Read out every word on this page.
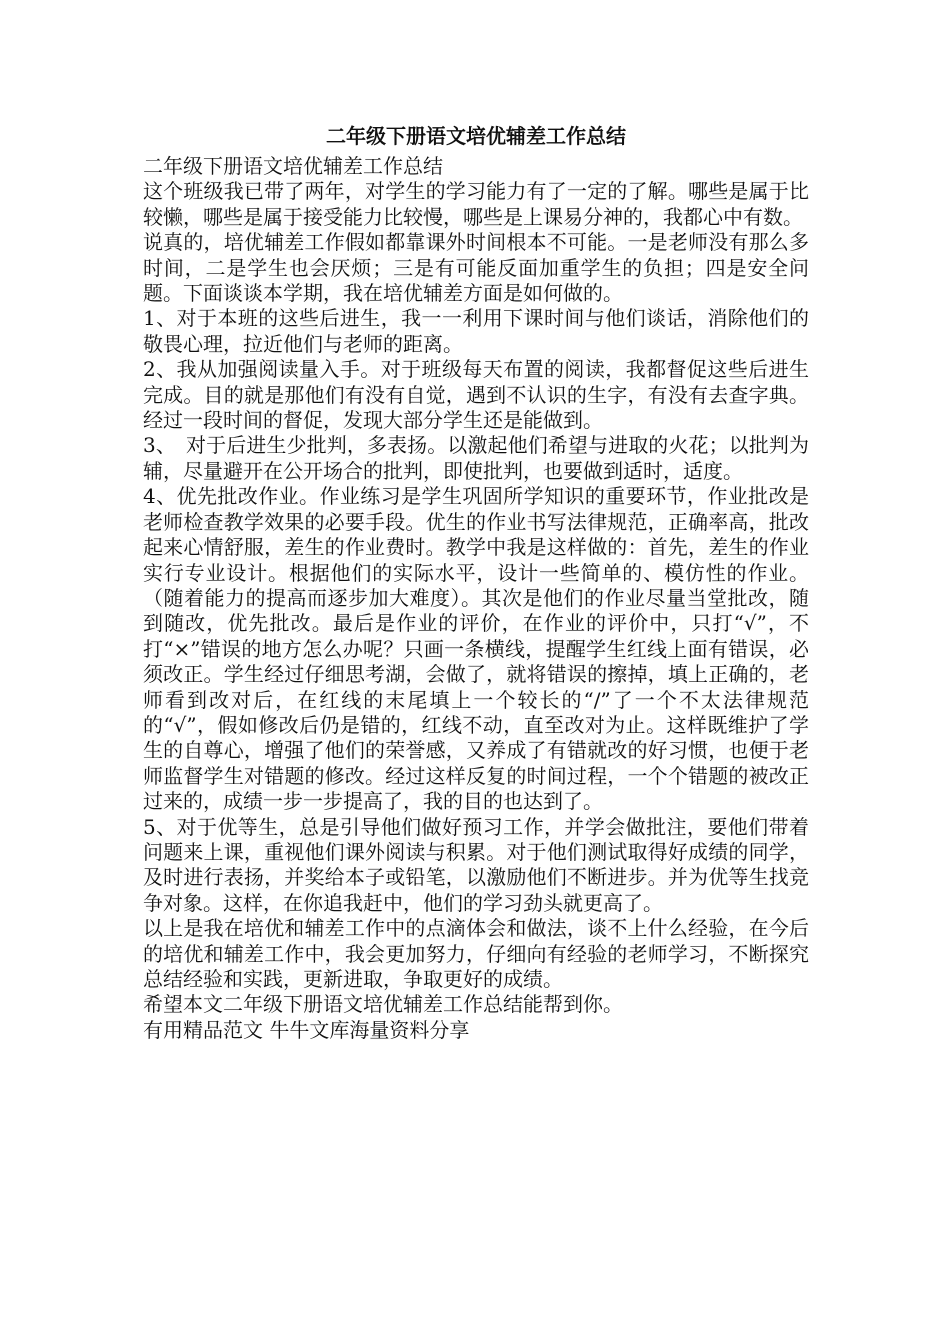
二年级下册语文培优辅差工作总结

二年级下册语文培优辅差工作总结

这个班级我已带了两年，对学生的学习能力有了一定的了解。哪些是属于比较懒，哪些是属于接受能力比较慢，哪些是上课易分神的，我都心中有数。

说真的，培优辅差工作假如都靠课外时间根本不可能。一是老师没有那么多时间，二是学生也会厌烦；三是有可能反面加重学生的负担；四是安全问题。下面谈谈本学期，我在培优辅差方面是如何做的。

1、对于本班的这些后进生，我一一利用下课时间与他们谈话，消除他们的敬畏心理，拉近他们与老师的距离。

2、我从加强阅读量入手。对于班级每天布置的阅读，我都督促这些后进生完成。目的就是那他们有没有自觉，遇到不认识的生字，有没有去查字典。经过一段时间的督促，发现大部分学生还是能做到。

3、　对于后进生少批判，多表扬。以激起他们希望与进取的火花；以批判为辅，尽量避开在公开场合的批判，即使批判，也要做到适时，适度。

4、优先批改作业。作业练习是学生巩固所学知识的重要环节，作业批改是老师检查教学效果的必要手段。优生的作业书写法律规范，正确率高，批改起来心情舒服，差生的作业费时。教学中我是这样做的：首先，差生的作业实行专业设计。根据他们的实际水平，设计一些简单的、模仿性的作业。（随着能力的提高而逐步加大难度）。其次是他们的作业尽量当堂批改，随到随改，优先批改。最后是作业的评价，在作业的评价中，只打“√”，不打“×”错误的地方怎么办呢？只画一条横线，提醒学生红线上面有错误，必须改正。学生经过仔细思考湖，会做了，就将错误的擦掉，填上正确的，老师看到改对后，在红线的末尾填上一个较长的“/”了一个不太法律规范的“√”，假如修改后仍是错的，红线不动，直至改对为止。这样既维护了学生的自尊心，增强了他们的荣誉感，又养成了有错就改的好习惯，也便于老师监督学生对错题的修改。经过这样反复的时间过程，一个个错题的被改正过来的，成绩一步一步提高了，我的目的也达到了。

5、对于优等生，总是引导他们做好预习工作，并学会做批注，要他们带着问题来上课，重视他们课外阅读与积累。对于他们测试取得好成绩的同学，及时进行表扬，并奖给本子或铅笔，以激励他们不断进步。并为优等生找竞争对象。这样，在你追我赶中，他们的学习劲头就更高了。

以上是我在培优和辅差工作中的点滴体会和做法，谈不上什么经验，在今后的培优和辅差工作中，我会更加努力，仔细向有经验的老师学习，不断探究总结经验和实践，更新进取，争取更好的成绩。

希望本文二年级下册语文培优辅差工作总结能帮到你。

有用精品范文 牛牛文库海量资料分享
